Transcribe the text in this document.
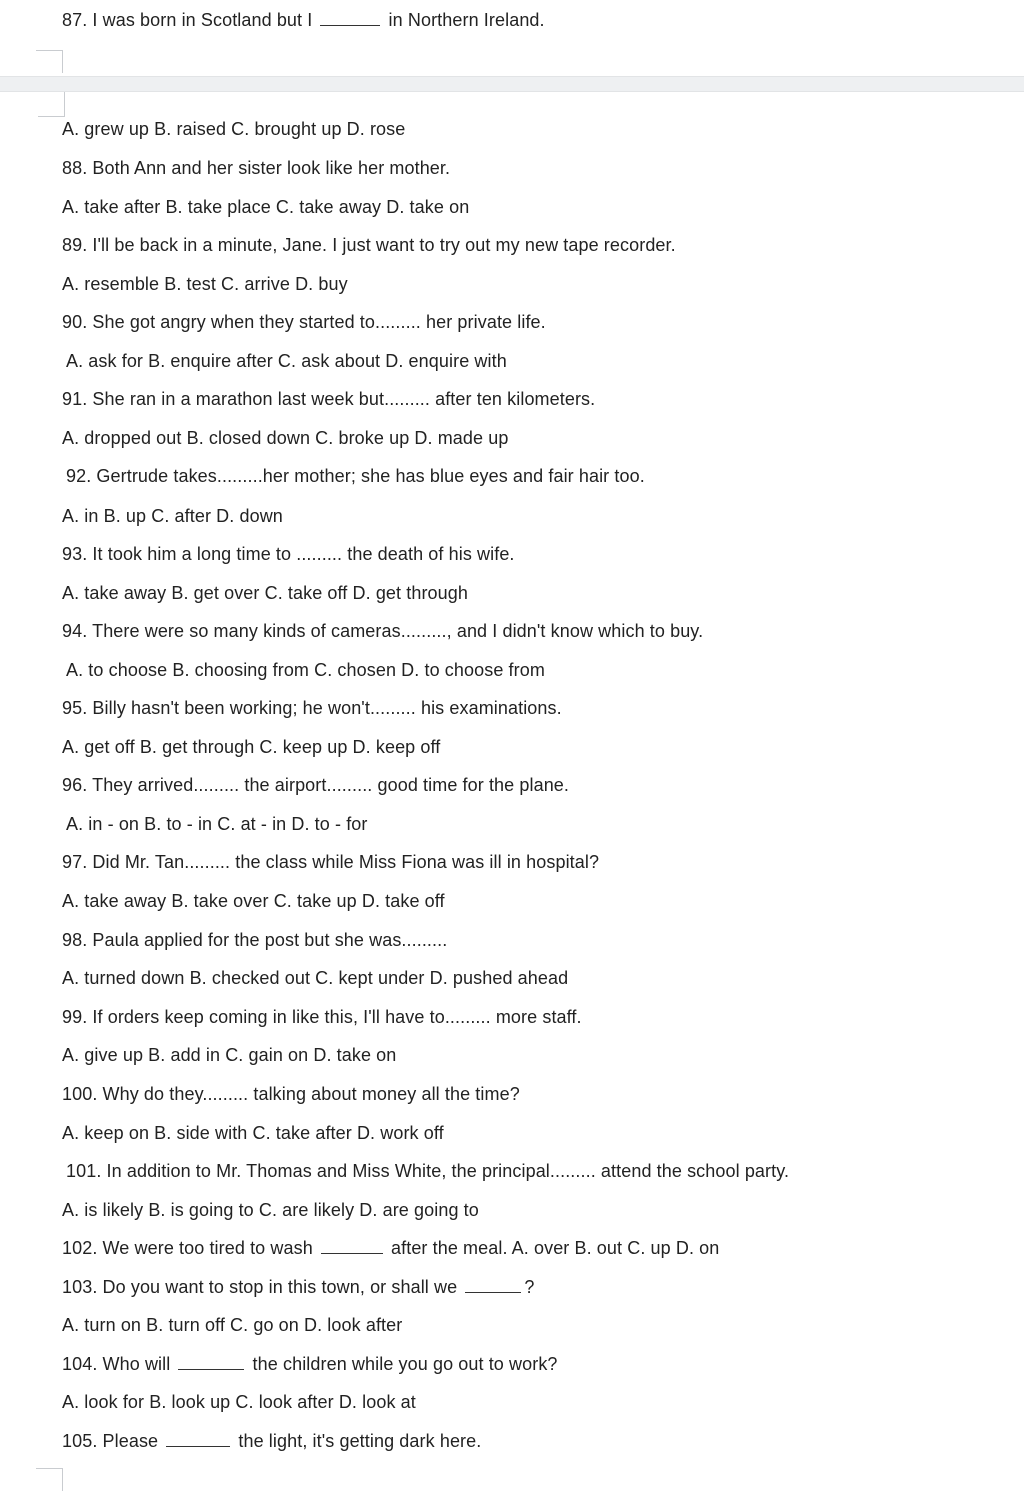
87. I was born in Scotland but I	in Northern Ireland.
A. grew up B. raised C. brought up D. rose
88. Both Ann and her sister look like her mother.
A. take after B. take place C. take away D. take on
89. I'll be back in a minute, Jane. I just want to try out my new tape recorder.
A. resemble B. test C. arrive D. buy
90. She got angry when they started to......... her private life.
A. ask for B. enquire after C. ask about D. enquire with
91. She ran in a marathon last week but......... after ten kilometers.
A. dropped out B. closed down C. broke up D. made up
92. Gertrude takes.........her mother; she has blue eyes and fair hair too.
A. in B. up C. after D. down
93. It took him a long time to ......... the death of his wife.
A. take away B. get over C. take off D. get through
94. There were so many kinds of cameras........., and I didn't know which to buy.
A. to choose B. choosing from C. chosen D. to choose from
95. Billy hasn't been working; he won't......... his examinations.
A. get off B. get through C. keep up D. keep off
96. They arrived......... the airport......... good time for the plane.
A. in - on B. to - in C. at - in D. to - for
97. Did Mr. Tan......... the class while Miss Fiona was ill in hospital?
A. take away B. take over C. take up D. take off
98. Paula applied for the post but she was.........
A. turned down B. checked out C. kept under D. pushed ahead
99. If orders keep coming in like this, I'll have to......... more staff.
A. give up B. add in C. gain on D. take on
100. Why do they......... talking about money all the time?
A. keep on B. side with C. take after D. work off
101. In addition to Mr. Thomas and Miss White, the principal......... attend the school party.
A. is likely B. is going to C. are likely D. are going to
102. We were too tired to wash	after the meal. A. over B. out C. up D. on
103. Do you want to stop in this town, or shall we	?
A. turn on B. turn off C. go on D. look after
104. Who will	the children while you go out to work?
A. look for B. look up C. look after D. look at
105. Please	the light, it's getting dark here.
